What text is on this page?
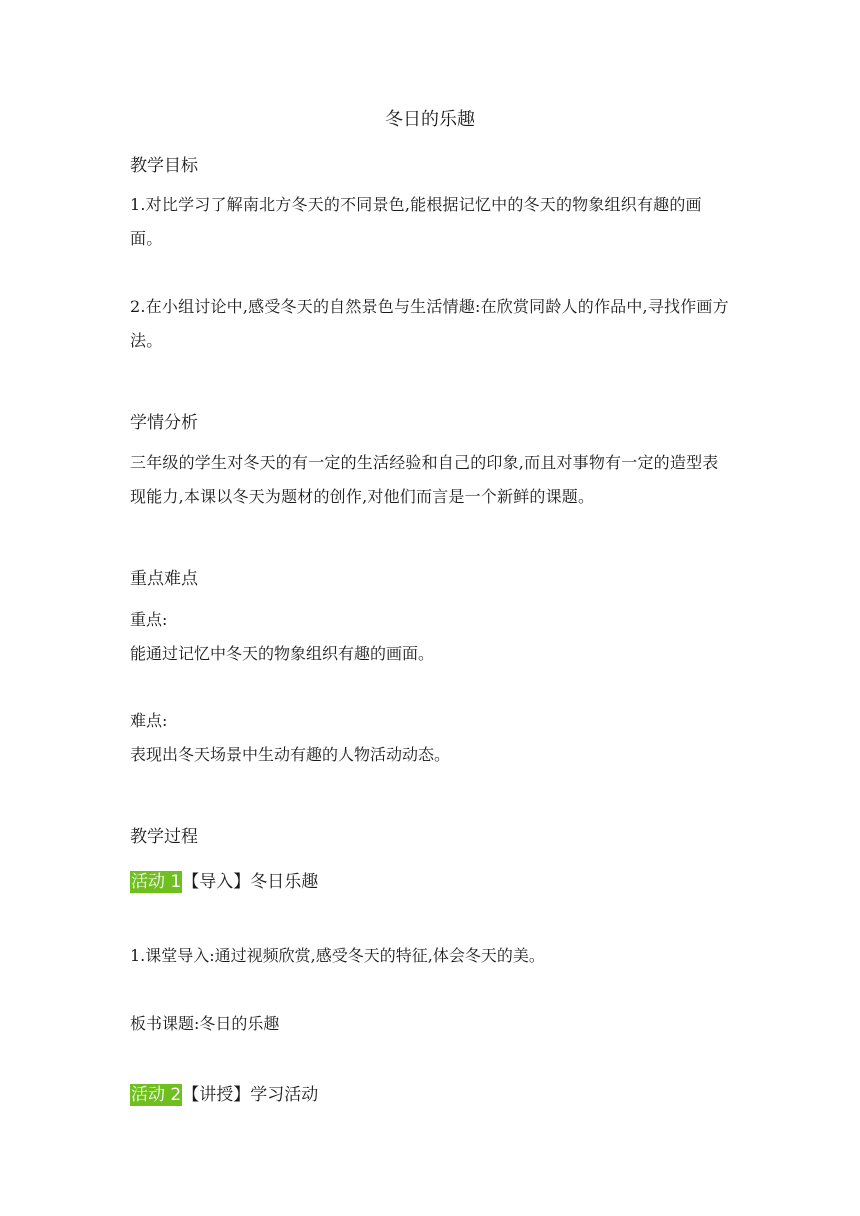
冬日的乐趣
教学目标
1.对比学习了解南北方冬天的不同景色,能根据记忆中的冬天的物象组织有趣的画面。
2.在小组讨论中,感受冬天的自然景色与生活情趣:在欣赏同龄人的作品中,寻找作画方法。
学情分析
三年级的学生对冬天的有一定的生活经验和自己的印象,而且对事物有一定的造型表现能力,本课以冬天为题材的创作,对他们而言是一个新鲜的课题。
重点难点
重点:
能通过记忆中冬天的物象组织有趣的画面。
难点:
表现出冬天场景中生动有趣的人物活动动态。
教学过程
活动 1【导入】冬日乐趣
1.课堂导入:通过视频欣赏,感受冬天的特征,体会冬天的美。
板书课题:冬日的乐趣
活动 2【讲授】学习活动
